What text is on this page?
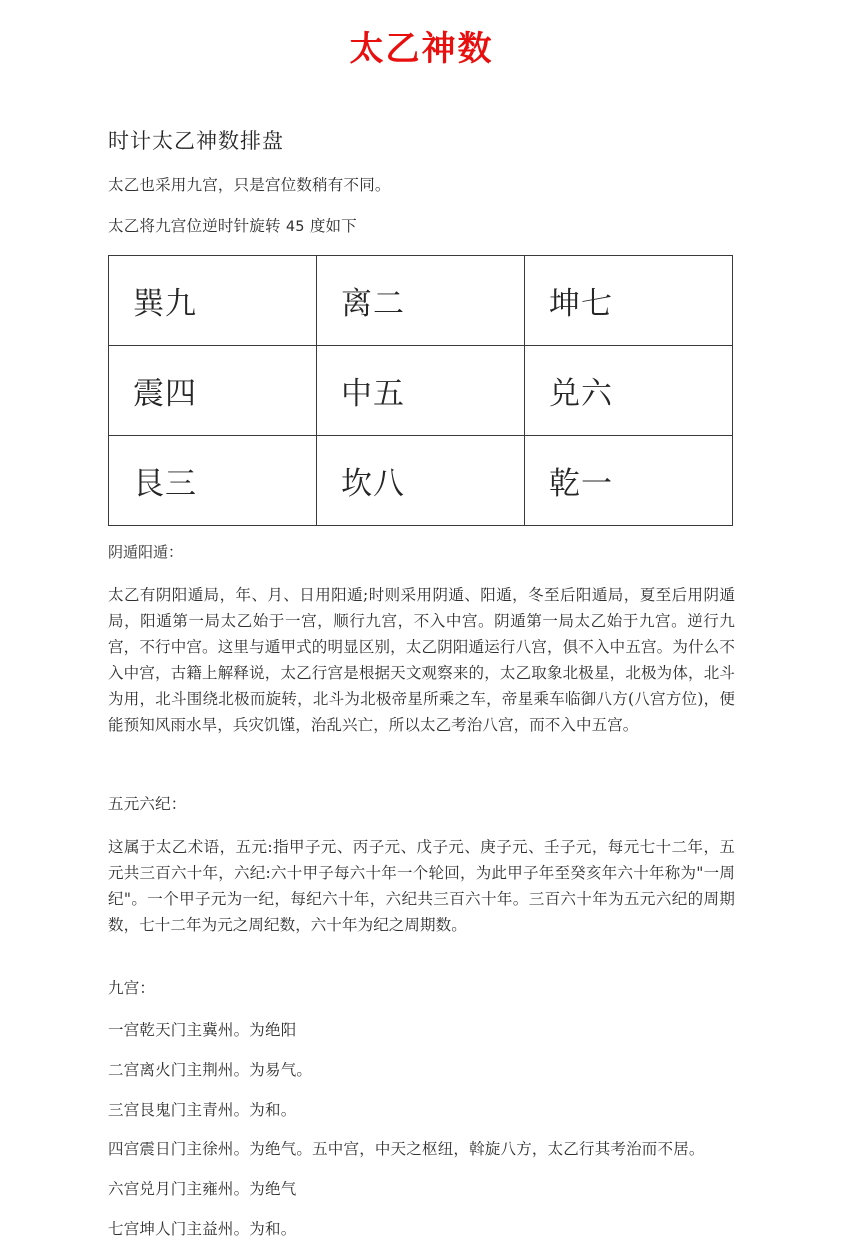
太乙神数
时计太乙神数排盘

太乙也采用九宫，只是宫位数稍有不同。

太乙将九宫位逆时针旋转 45 度如下

巽九	离二	坤七
震四	中五	兑六
艮三	坎八	乾一

阴遁阳遁：

太乙有阴阳遁局，年、月、日用阳遁;时则采用阴遁、阳遁，冬至后阳遁局，夏至后用阴遁局，阳遁第一局太乙始于一宫，顺行九宫，不入中宫。阴遁第一局太乙始于九宫。逆行九宫，不行中宫。这里与遁甲式的明显区别，太乙阴阳遁运行八宫，俱不入中五宫。为什么不入中宫，古籍上解释说，太乙行宫是根据天文观察来的，太乙取象北极星，北极为体，北斗为用，北斗围绕北极而旋转，北斗为北极帝星所乘之车，帝星乘车临御八方(八宫方位)，便能预知风雨水旱，兵灾饥馑，治乱兴亡，所以太乙考治八宫，而不入中五宫。

五元六纪：

这属于太乙术语，五元:指甲子元、丙子元、戊子元、庚子元、壬子元，每元七十二年，五元共三百六十年，六纪:六十甲子每六十年一个轮回，为此甲子年至癸亥年六十年称为"一周纪"。一个甲子元为一纪，每纪六十年，六纪共三百六十年。三百六十年为五元六纪的周期数，七十二年为元之周纪数，六十年为纪之周期数。

九宫：

一宫乾天门主冀州。为绝阳

二宫离火门主荆州。为易气。

三宫艮鬼门主青州。为和。

四宫震日门主徐州。为绝气。五中宫，中天之枢纽，斡旋八方，太乙行其考治而不居。

六宫兑月门主雍州。为绝气

七宫坤人门主益州。为和。
